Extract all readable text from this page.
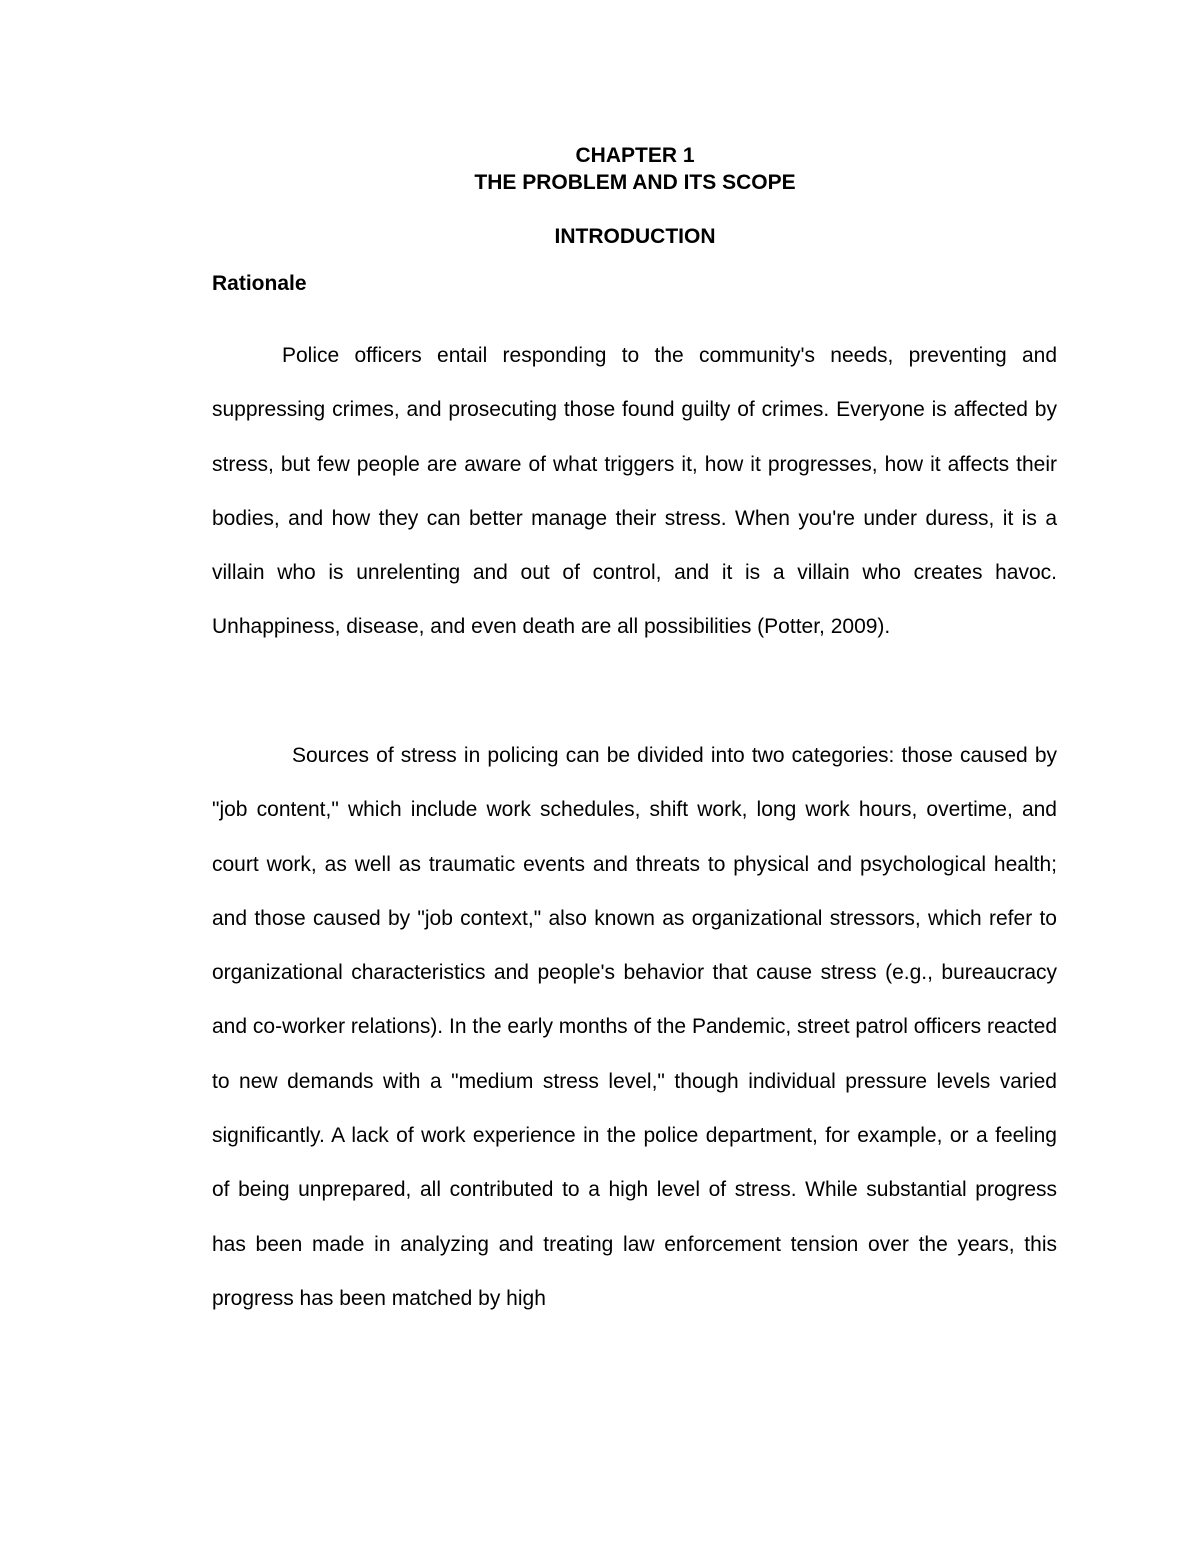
CHAPTER 1
THE PROBLEM AND ITS SCOPE
INTRODUCTION
Rationale

Police officers entail responding to the community's needs, preventing and suppressing crimes, and prosecuting those found guilty of crimes. Everyone is affected by stress, but few people are aware of what triggers it, how it progresses, how it affects their bodies, and how they can better manage their stress. When you're under duress, it is a villain who is unrelenting and out of control, and it is a villain who creates havoc. Unhappiness, disease, and even death are all possibilities (Potter, 2009).

Sources of stress in policing can be divided into two categories: those caused by "job content," which include work schedules, shift work, long work hours, overtime, and court work, as well as traumatic events and threats to physical and psychological health; and those caused by "job context," also known as organizational stressors, which refer to organizational characteristics and people's behavior that cause stress (e.g., bureaucracy and co-worker relations). In the early months of the Pandemic, street patrol officers reacted to new demands with a "medium stress level," though individual pressure levels varied significantly. A lack of work experience in the police department, for example, or a feeling of being unprepared, all contributed to a high level of stress. While substantial progress has been made in analyzing and treating law enforcement tension over the years, this progress has been matched by high
